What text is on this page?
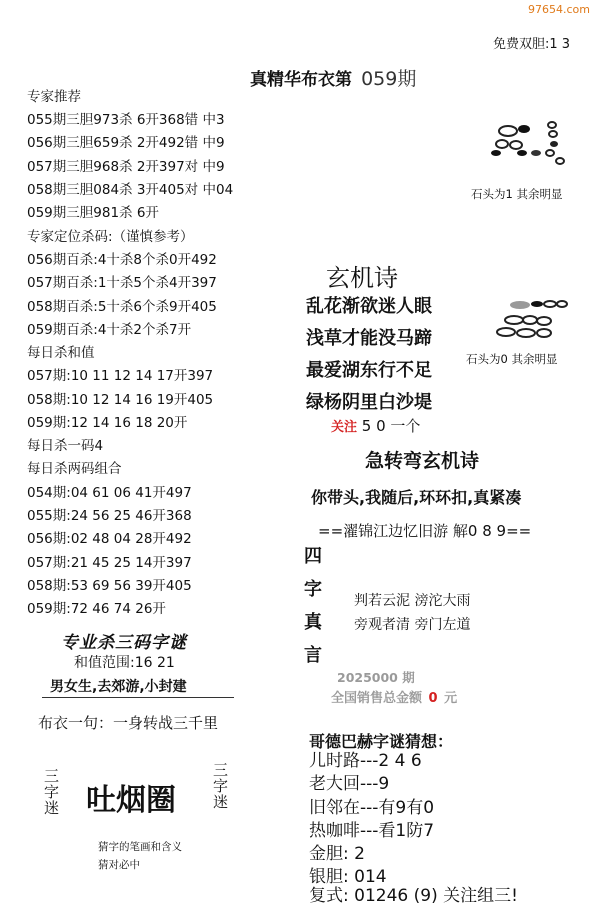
97654.com
免费双胆:1 3
真精华布衣第 059期
专家推荐
055期三胆973杀 6开368错 中3
056期三胆659杀 2开492错 中9
057期三胆968杀 2开397对 中9
058期三胆084杀 3开405对 中04
059期三胆981杀 6开
专家定位杀码:（谨慎参考）
056期百杀:4十杀8个杀0开492
057期百杀:1十杀5个杀4开397
058期百杀:5十杀6个杀9开405
059期百杀:4十杀2个杀7开
每日杀和值
057期:10 11 12 14 17开397
058期:10 12 14 16 19开405
059期:12 14 16 18 20开
每日杀一码4
每日杀两码组合
054期:04 61 06 41开497
055期:24 56 25 46开368
056期:02 48 04 28开492
057期:21 45 25 14开397
058期:53 69 56 39开405
059期:72 46 74 26开
专业杀三码字谜
和值范围:16 21
男女生,去郊游,小封建
布衣一句：一身转战三千里
三字迷 吐烟圈 三字迷
猜字的笔画和含义
猜对必中
石头为1 其余明显
石头为0 其余明显
玄机诗
乱花渐欲迷人眼
浅草才能没马蹄
最爱湖东行不足
绿杨阴里白沙堤
关注 5 0 一个
急转弯玄机诗
你带头,我随后,环环扣,真紧凑
==濯锦江边忆旧游 解0 8 9==
四
字
真
言
判若云泥 滂沱大雨
旁观者清 旁门左道
2025000 期
全国销售总金额 0 元
哥德巴赫字谜猜想：
儿时路---2 4 6
老大回---9
旧邻在---有9有0
热咖啡---看1防7
金胆: 2
银胆: 014
复式: 01246 (9) 关注组三!
